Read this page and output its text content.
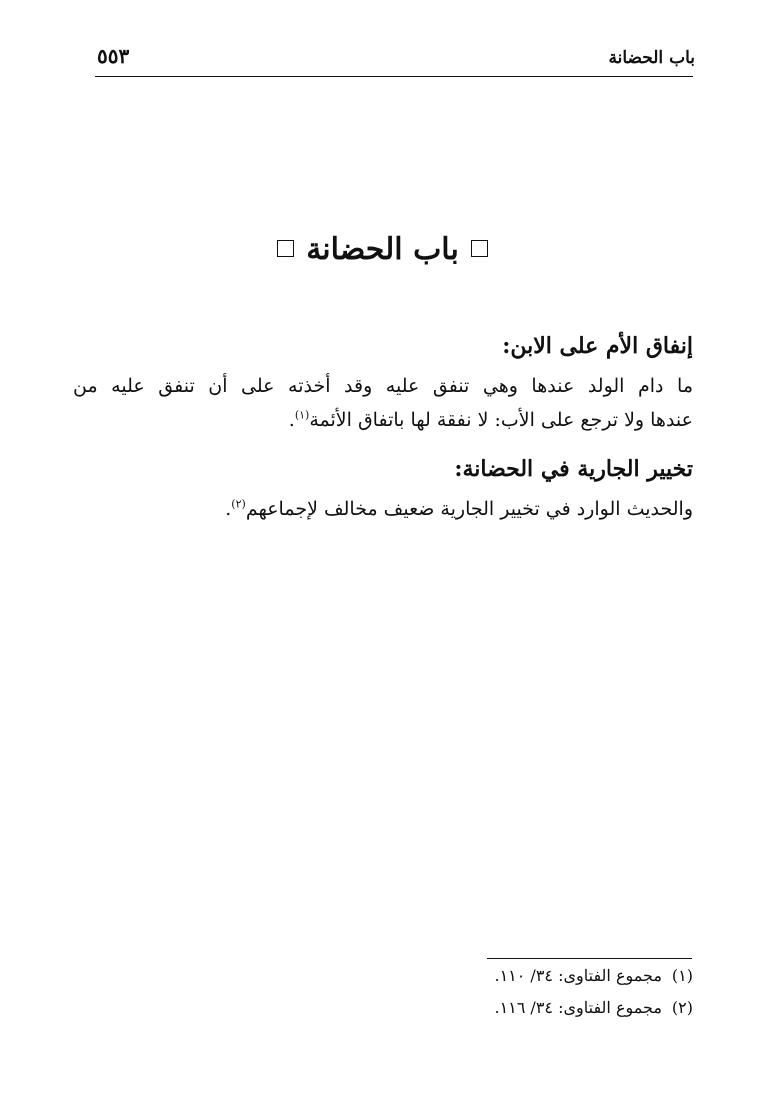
باب الحضانة
٥٥٣
باب الحضانة
إنفاق الأم على الابن:
ما دام الولد عندها وهي تنفق عليه وقد أخذته على أن تنفق عليه من
عندها ولا ترجع على الأب: لا نفقة لها باتفاق الأئمة$^{(١)}$.
تخيير الجارية في الحضانة:
والحديث الوارد في تخيير الجارية ضعيف مخالف لإجماعهم$^{(٢)}$.
(١)مجموع الفتاوى: ٣٤/ ١١٠.
(٢)مجموع الفتاوى: ٣٤/ ١١٦.
